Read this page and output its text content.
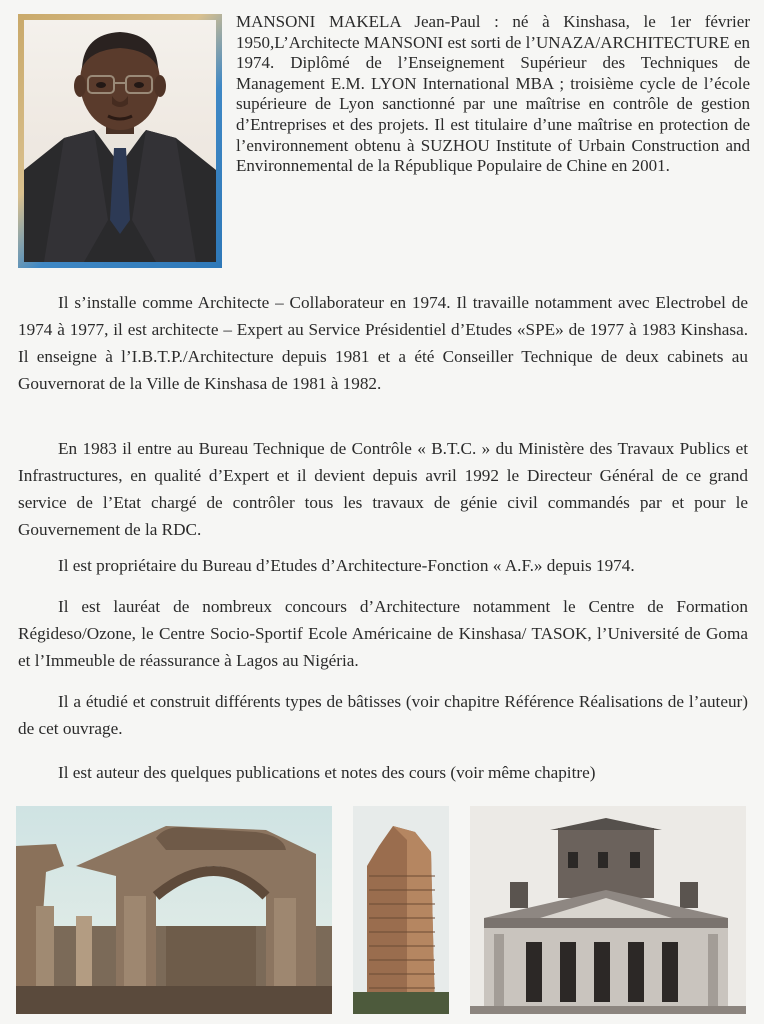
MANSONI MAKELA Jean-Paul : né à Kinshasa, le 1er février 1950,L’Architecte MANSONI est sorti de l’UNAZA/ARCHITECTURE en 1974. Diplômé de l’Enseignement Supérieur des Techniques de Management E.M. LYON International MBA ; troisième cycle de l’école supérieure de Lyon sanctionné par une maîtrise en contrôle de gestion d’Entreprises et des projets. Il est titulaire d’une maîtrise en protection de l’environnement obtenu à SUZHOU Institute of Urbain Construction and Environnemental de la République Populaire de Chine en 2001.

Il s’installe comme Architecte – Collaborateur en 1974. Il travaille notamment avec Electrobel de 1974 à 1977, il est architecte – Expert au Service Présidentiel d’Etudes «SPE» de 1977 à 1983 Kinshasa. Il enseigne à l’I.B.T.P./Architecture depuis 1981 et a été Conseiller Technique de deux cabinets au Gouvernorat de la Ville de Kinshasa de 1981 à 1982.

En 1983 il entre au Bureau Technique de Contrôle « B.T.C. » du Ministère des Travaux Publics et Infrastructures, en qualité d’Expert et il devient depuis avril 1992 le Directeur Général de ce grand service de l’Etat chargé de contrôler tous les travaux de génie civil commandés par et pour le Gouvernement de la RDC.

Il est propriétaire du Bureau d’Etudes d’Architecture-Fonction « A.F.» depuis 1974.

Il est lauréat de nombreux concours d’Architecture notamment le Centre de Formation Régideso/Ozone, le Centre Socio-Sportif Ecole Américaine de Kinshasa/ TASOK, l’Université de Goma et l’Immeuble de réassurance à Lagos au Nigéria.

Il a étudié et construit différents types de bâtisses (voir chapitre Référence Réalisations de l’auteur) de cet ouvrage.

Il est auteur des quelques publications et notes des cours (voir même chapitre)
